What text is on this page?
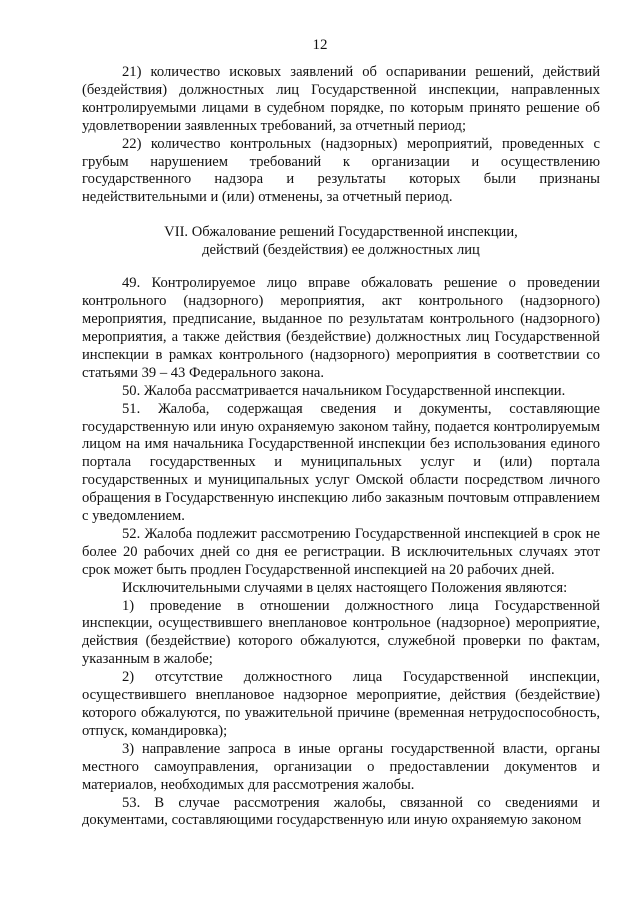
12

21) количество исковых заявлений об оспаривании решений, действий (бездействия) должностных лиц Государственной инспекции, направленных контролируемыми лицами в судебном порядке, по которым принято решение об удовлетворении заявленных требований, за отчетный период;

22) количество контрольных (надзорных) мероприятий, проведенных с грубым нарушением требований к организации и осуществлению государственного надзора и результаты которых были признаны недействительными и (или) отменены, за отчетный период.

VII. Обжалование решений Государственной инспекции,
действий (бездействия) ее должностных лиц

49. Контролируемое лицо вправе обжаловать решение о проведении контрольного (надзорного) мероприятия, акт контрольного (надзорного) мероприятия, предписание, выданное по результатам контрольного (надзорного) мероприятия, а также действия (бездействие) должностных лиц Государственной инспекции в рамках контрольного (надзорного) мероприятия в соответствии со статьями 39 – 43 Федерального закона.

50. Жалоба рассматривается начальником Государственной инспекции.

51. Жалоба, содержащая сведения и документы, составляющие государственную или иную охраняемую законом тайну, подается контролируемым лицом на имя начальника Государственной инспекции без использования единого портала государственных и муниципальных услуг и (или) портала государственных и муниципальных услуг Омской области посредством личного обращения в Государственную инспекцию либо заказным почтовым отправлением с уведомлением.

52. Жалоба подлежит рассмотрению Государственной инспекцией в срок не более 20 рабочих дней со дня ее регистрации. В исключительных случаях этот срок может быть продлен Государственной инспекцией на 20 рабочих дней.

Исключительными случаями в целях настоящего Положения являются:

1) проведение в отношении должностного лица Государственной инспекции, осуществившего внеплановое контрольное (надзорное) мероприятие, действия (бездействие) которого обжалуются, служебной проверки по фактам, указанным в жалобе;

2) отсутствие должностного лица Государственной инспекции, осуществившего внеплановое надзорное мероприятие, действия (бездействие) которого обжалуются, по уважительной причине (временная нетрудоспособность, отпуск, командировка);

3) направление запроса в иные органы государственной власти, органы местного самоуправления, организации о предоставлении документов и материалов, необходимых для рассмотрения жалобы.

53. В случае рассмотрения жалобы, связанной со сведениями и документами, составляющими государственную или иную охраняемую законом
